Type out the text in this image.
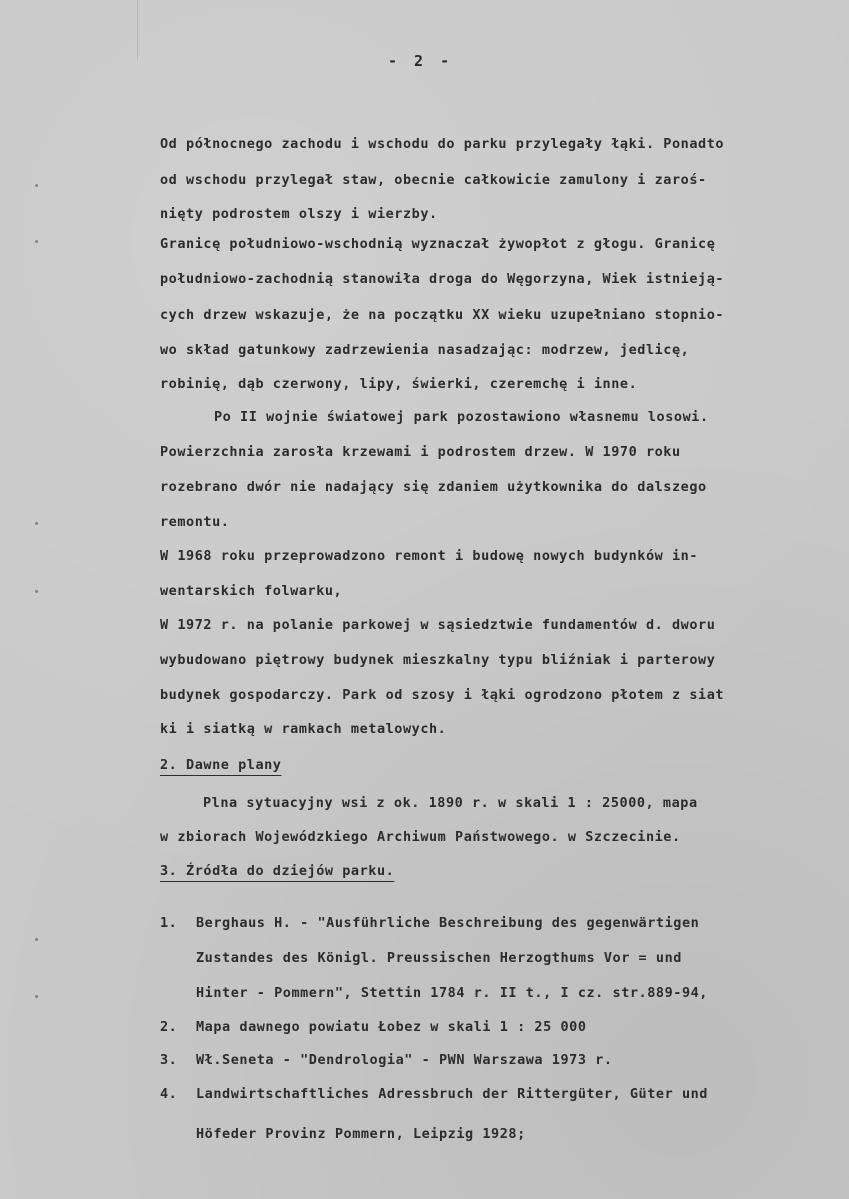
- 2 -
Od północnego zachodu i wschodu do parku przylegały łąki. Ponadto
od wschodu przylegał staw, obecnie całkowicie zamulony i zaroś-
nięty podrostem olszy i wierzby.
Granicę południowo-wschodnią wyznaczał żywopłot z głogu. Granicę
południowo-zachodnią stanowiła droga do Węgorzyna, Wiek istnieją-
cych drzew wskazuje, że na początku XX wieku uzupełniano stopnio-
wo skład gatunkowy zadrzewienia nasadzając: modrzew, jedlicę,
robinię, dąb czerwony, lipy, świerki, czeremchę i inne.
Po II wojnie światowej park pozostawiono własnemu losowi.
Powierzchnia zarosła krzewami i podrostem drzew. W 1970 roku
rozebrano dwór nie nadający się zdaniem użytkownika do dalszego
remontu.
W 1968 roku przeprowadzono remont i budowę nowych budynków in-
wentarskich folwarku,
W 1972 r. na polanie parkowej w sąsiedztwie fundamentów d. dworu
wybudowano piętrowy budynek mieszkalny typu bliźniak i parterowy
budynek gospodarczy. Park od szosy i łąki ogrodzono płotem z siat
ki i siatką w ramkach metalowych.
2. Dawne plany
Plna sytuacyjny wsi z ok. 1890 r. w skali 1 : 25000, mapa
w zbiorach Wojewódzkiego Archiwum Państwowego. w Szczecinie.
3. Źródła do dziejów parku.
1. Berghaus H. - "Ausführliche Beschreibung des gegenwärtigen
Zustandes des Königl. Preussischen Herzogthums Vor = und
Hinter - Pommern", Stettin 1784 r. II t., I cz. str.889-94,
2. Mapa dawnego powiatu Łobez w skali 1 : 25 000
3. Wł.Seneta - "Dendrologia" - PWN Warszawa 1973 r.
4. Landwirtschaftliches Adressbruch der Rittergüter, Güter und
Höfeder Provinz Pommern, Leipzig 1928;
